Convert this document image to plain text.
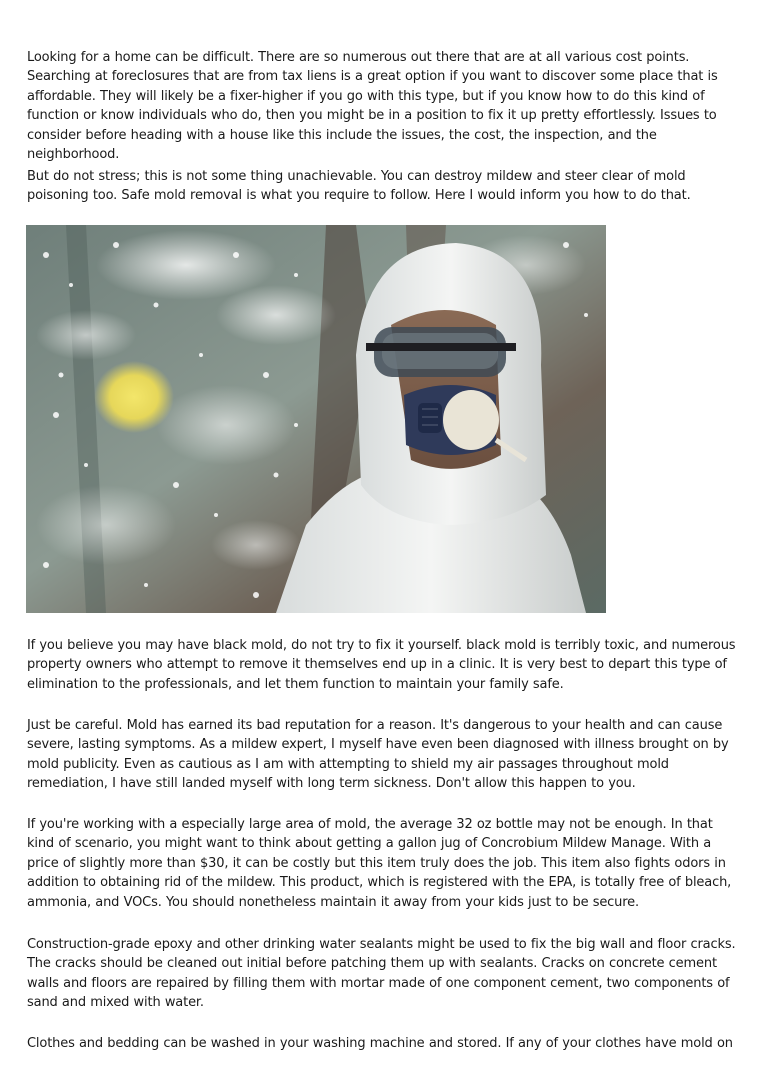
Looking for a home can be difficult. There are so numerous out there that are at all various cost points. Searching at foreclosures that are from tax liens is a great option if you want to discover some place that is affordable. They will likely be a fixer-higher if you go with this type, but if you know how to do this kind of function or know individuals who do, then you might be in a position to fix it up pretty effortlessly. Issues to consider before heading with a house like this include the issues, the cost, the inspection, and the neighborhood.

But do not stress; this is not some thing unachievable. You can destroy mildew and steer clear of mold poisoning too. Safe mold removal is what you require to follow. Here I would inform you how to do that.

If you believe you may have black mold, do not try to fix it yourself. black mold is terribly toxic, and numerous property owners who attempt to remove it themselves end up in a clinic. It is very best to depart this type of elimination to the professionals, and let them function to maintain your family safe.

Just be careful. Mold has earned its bad reputation for a reason. It's dangerous to your health and can cause severe, lasting symptoms. As a mildew expert, I myself have even been diagnosed with illness brought on by mold publicity. Even as cautious as I am with attempting to shield my air passages throughout mold remediation, I have still landed myself with long term sickness. Don't allow this happen to you.

If you're working with a especially large area of mold, the average 32 oz bottle may not be enough. In that kind of scenario, you might want to think about getting a gallon jug of Concrobium Mildew Manage. With a price of slightly more than $30, it can be costly but this item truly does the job. This item also fights odors in addition to obtaining rid of the mildew. This product, which is registered with the EPA, is totally free of bleach, ammonia, and VOCs. You should nonetheless maintain it away from your kids just to be secure.

Construction-grade epoxy and other drinking water sealants might be used to fix the big wall and floor cracks. The cracks should be cleaned out initial before patching them up with sealants. Cracks on concrete cement walls and floors are repaired by filling them with mortar made of one component cement, two components of sand and mixed with water.

Clothes and bedding can be washed in your washing machine and stored. If any of your clothes have mold on
